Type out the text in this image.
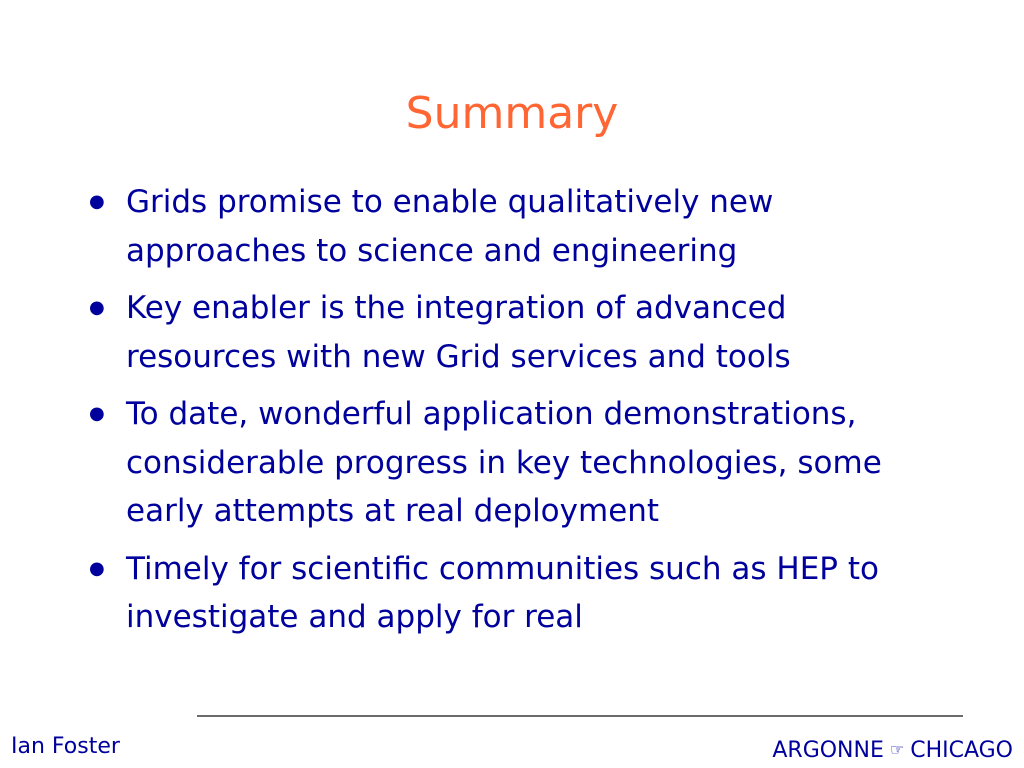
Summary
● Grids promise to enable qualitatively new approaches to science and engineering
● Key enabler is the integration of advanced resources with new Grid services and tools
● To date, wonderful application demonstrations, considerable progress in key technologies, some early attempts at real deployment
● Timely for scientific communities such as HEP to investigate and apply for real
Ian Foster	ARGONNE ☞ CHICAGO
